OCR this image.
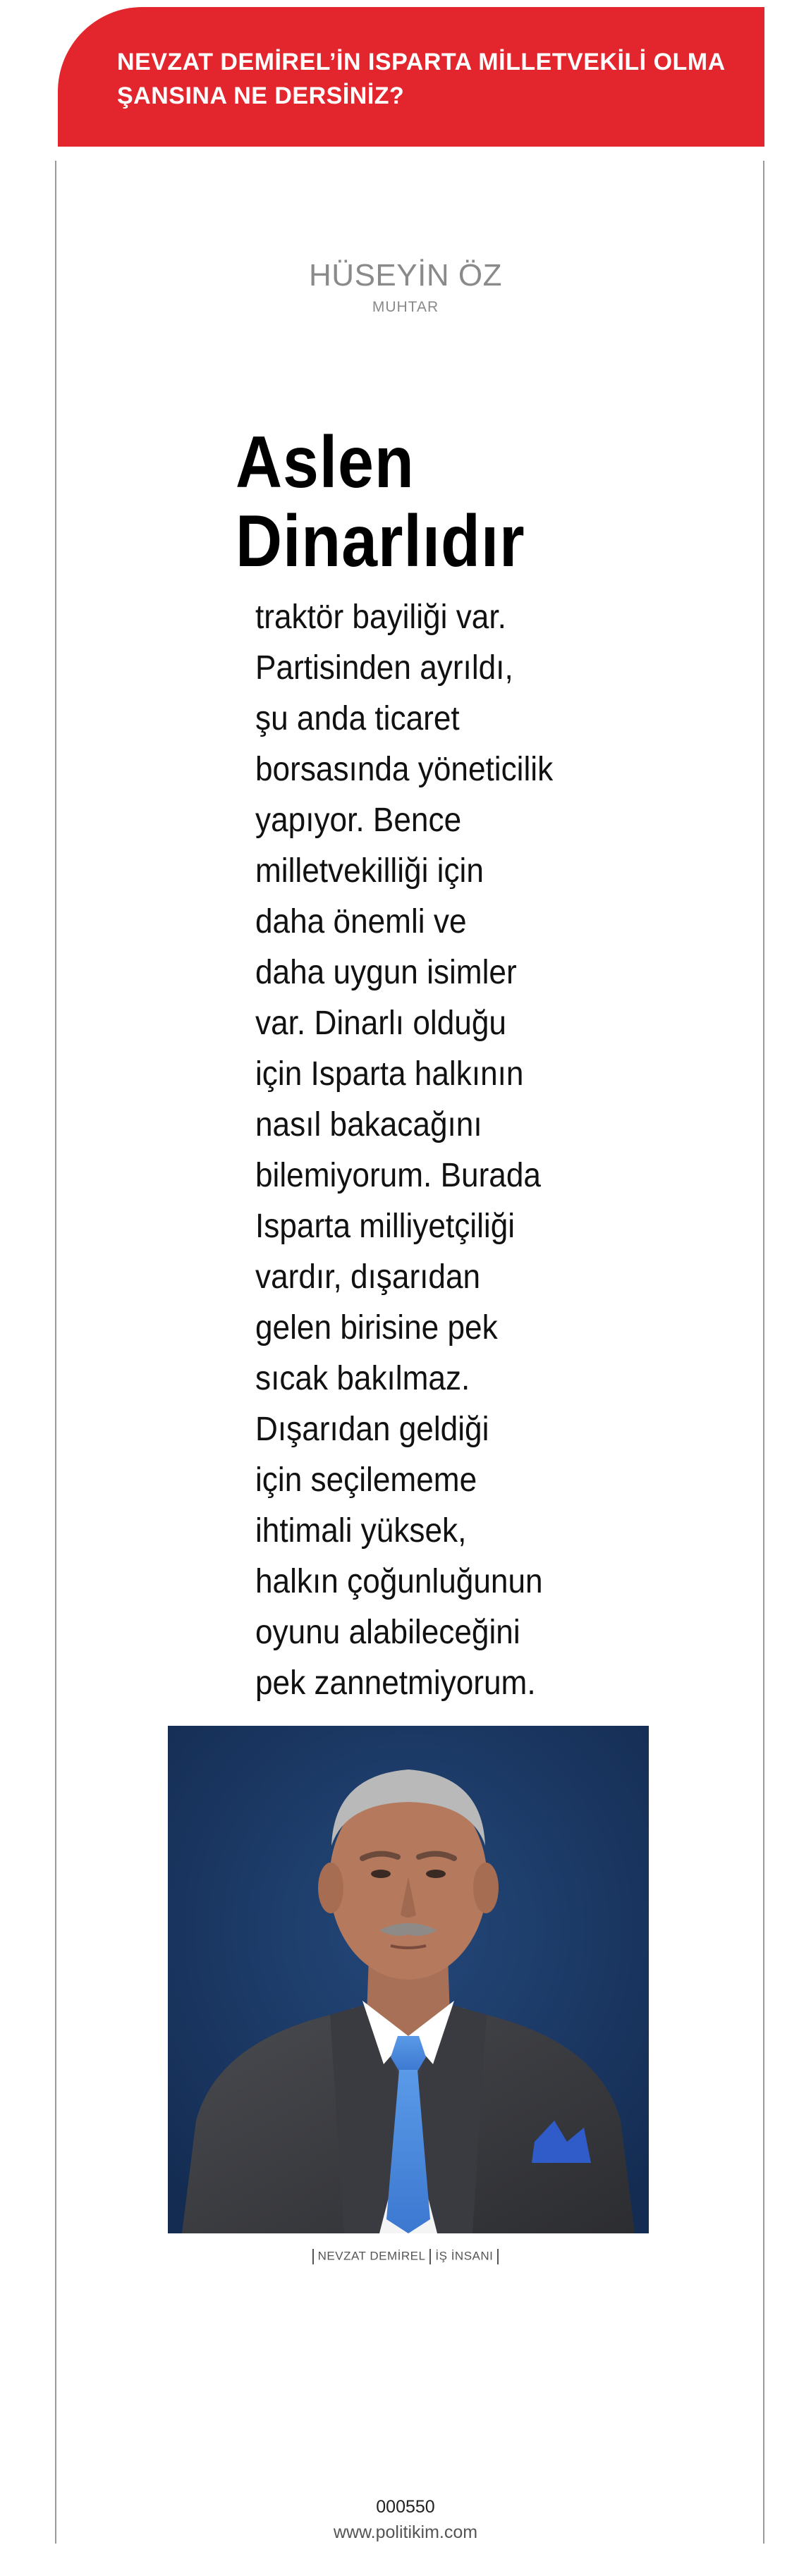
NEVZAT DEMİREL’İN ISPARTA MİLLETVEKİLİ OLMA
ŞANSINA NE DERSİNİZ?

HÜSEYİN ÖZ
MUHTAR
Aslen
Dinarlıdır

traktör bayiliği var.
Partisinden ayrıldı,
şu anda ticaret
borsasında yöneticilik
yapıyor. Bence
milletvekilliği için
daha önemli ve
daha uygun isimler
var. Dinarlı olduğu
için Isparta halkının
nasıl bakacağını
bilemiyorum. Burada
Isparta milliyetçiliği
vardır, dışarıdan
gelen birisine pek
sıcak bakılmaz.
Dışarıdan geldiği
için seçilememe
ihtimali yüksek,
halkın çoğunluğunun
oyunu alabileceğini
pek zannetmiyorum.

NEVZAT DEMİREL İŞ İNSANI
000550
www.politikim.com
